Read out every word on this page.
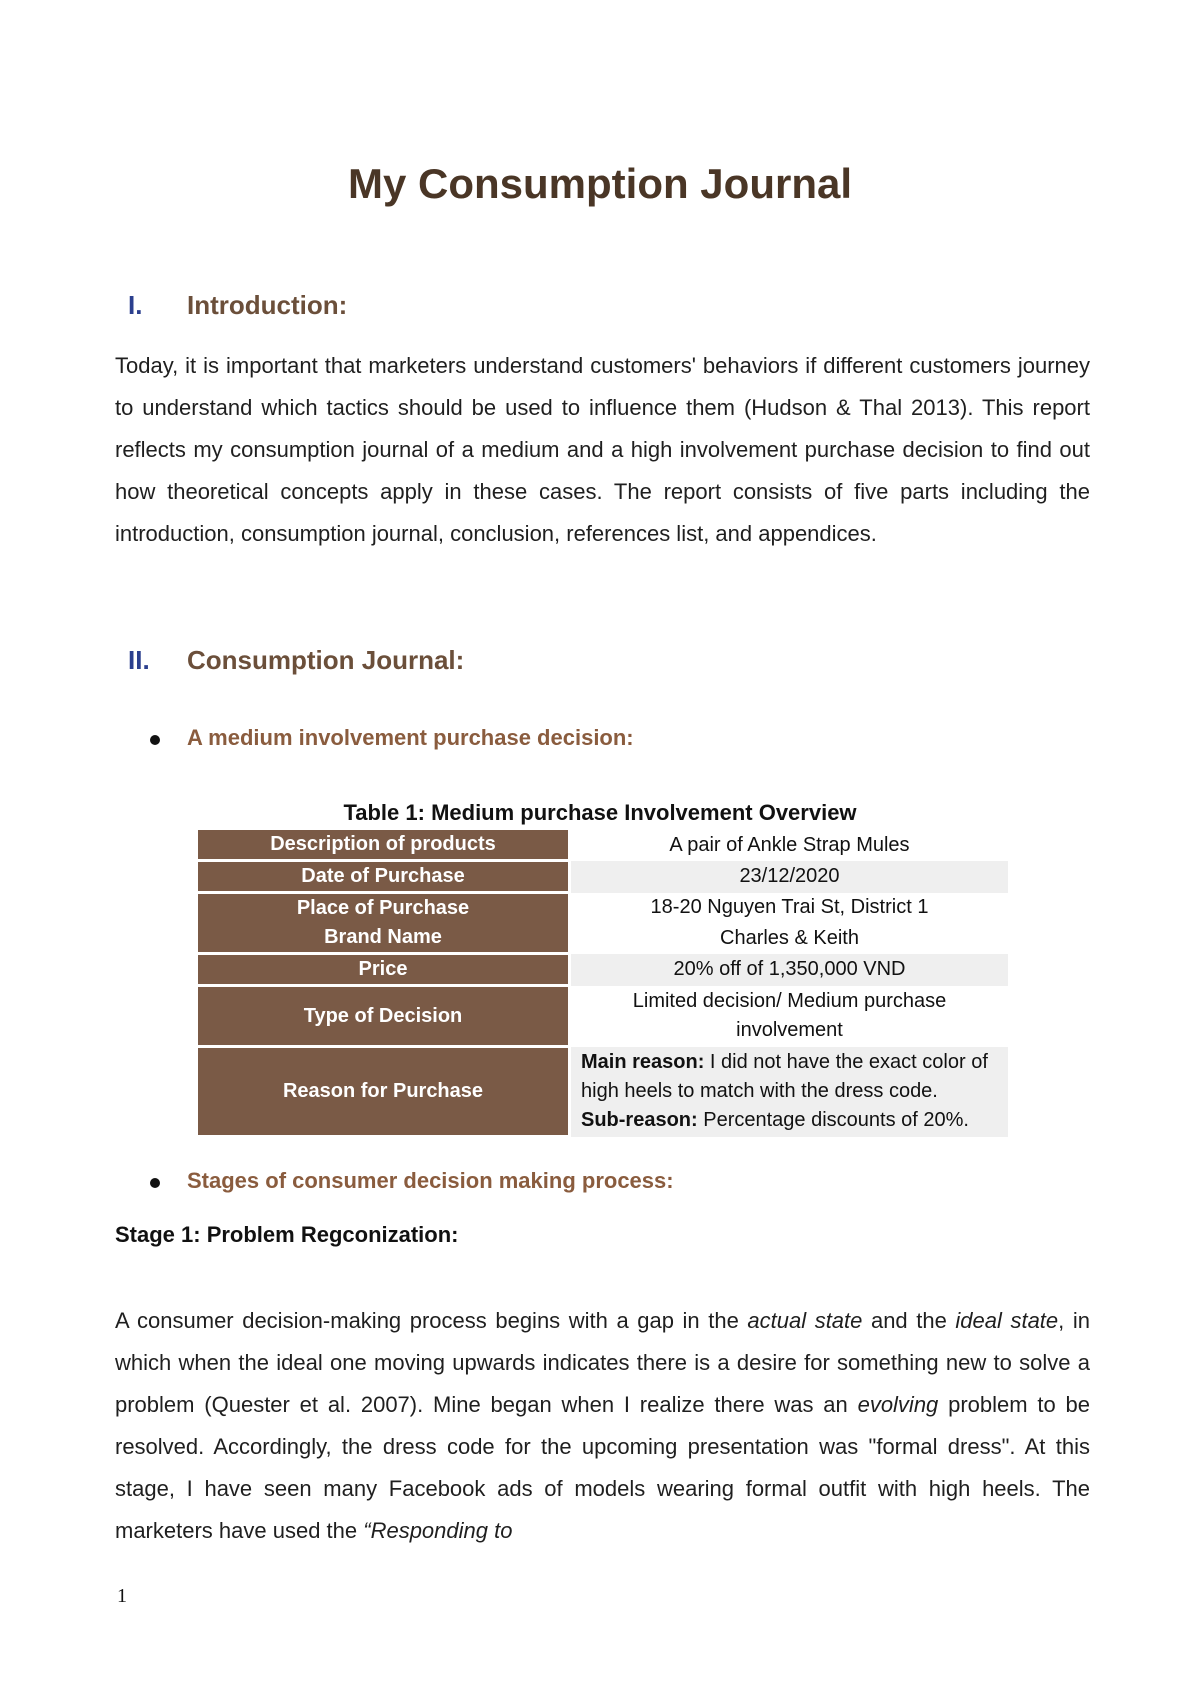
My Consumption Journal
I. Introduction:

Today, it is important that marketers understand customers' behaviors if different customers journey to understand which tactics should be used to influence them (Hudson & Thal 2013). This report reflects my consumption journal of a medium and a high involvement purchase decision to find out how theoretical concepts apply in these cases. The report consists of five parts including the introduction, consumption journal, conclusion, references list, and appendices.

II. Consumption Journal:
A medium involvement purchase decision:

Table 1: Medium purchase Involvement Overview

Description of products	A pair of Ankle Strap Mules
Date of Purchase	23/12/2020
Place of Purchase	18-20 Nguyen Trai St, District 1
Brand Name	Charles & Keith
Price	20% off of 1,350,000 VND
Type of Decision	Limited decision/ Medium purchase involvement
Reason for Purchase	Main reason: I did not have the exact color of high heels to match with the dress code.
Sub-reason: Percentage discounts of 20%.
Stages of consumer decision making process:

Stage 1: Problem Regconization:

A consumer decision-making process begins with a gap in the actual state and the ideal state, in which when the ideal one moving upwards indicates there is a desire for something new to solve a problem (Quester et al. 2007). Mine began when I realize there was an evolving problem to be resolved. Accordingly, the dress code for the upcoming presentation was "formal dress". At this stage, I have seen many Facebook ads of models wearing formal outfit with high heels. The marketers have used the “Responding to

1
